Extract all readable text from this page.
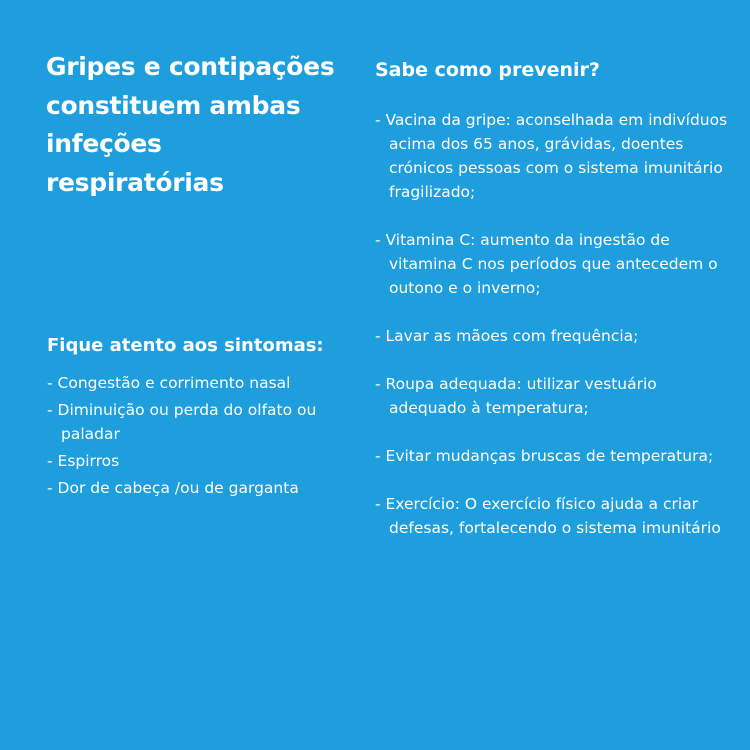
Gripes e contipações constituem ambas infeções respiratórias
Fique atento aos sintomas:
- Congestão e corrimento nasal
- Diminuição ou perda do olfato ou paladar
- Espirros
- Dor de cabeça /ou de garganta
Sabe como prevenir?
- Vacina da gripe: aconselhada em indivíduos acima dos 65 anos, grávidas, doentes crónicos pessoas com o sistema imunitário fragilizado;
- Vitamina C: aumento da ingestão de vitamina C nos períodos que antecedem o outono e o inverno;
- Lavar as mãoes com frequência;
- Roupa adequada: utilizar vestuário adequado à temperatura;
- Evitar mudanças bruscas de temperatura;
- Exercício: O exercício físico ajuda a criar defesas, fortalecendo o sistema imunitário
